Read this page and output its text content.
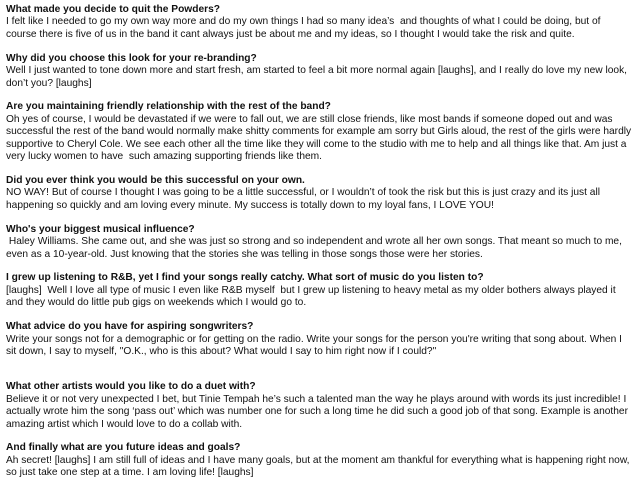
What made you decide to quit the Powders?
I felt like I needed to go my own way more and do my own things I had so many idea’s  and thoughts of what I could be doing, but of course there is five of us in the band it cant always just be about me and my ideas, so I thought I would take the risk and quite.
Why did you choose this look for your re-branding?
Well I just wanted to tone down more and start fresh, am started to feel a bit more normal again [laughs], and I really do love my new look, don’t you? [laughs]
Are you maintaining friendly relationship with the rest of the band?
Oh yes of course, I would be devastated if we were to fall out, we are still close friends, like most bands if someone doped out and was successful the rest of the band would normally make shitty comments for example am sorry but Girls aloud, the rest of the girls were hardly supportive to Cheryl Cole. We see each other all the time like they will come to the studio with me to help and all things like that. Am just a very lucky women to have  such amazing supporting friends like them.
Did you ever think you would be this successful on your own.
NO WAY! But of course I thought I was going to be a little successful, or I wouldn’t of took the risk but this is just crazy and its just all happening so quickly and am loving every minute. My success is totally down to my loyal fans, I LOVE YOU!
Who's your biggest musical influence?
Haley Williams. She came out, and she was just so strong and so independent and wrote all her own songs. That meant so much to me, even as a 10-year-old. Just knowing that the stories she was telling in those songs those were her stories.
I grew up listening to R&B, yet I find your songs really catchy. What sort of music do you listen to?
[laughs]  Well I love all type of music I even like R&B myself  but I grew up listening to heavy metal as my older bothers always played it  and they would do little pub gigs on weekends which I would go to.
What advice do you have for aspiring songwriters?
Write your songs not for a demographic or for getting on the radio. Write your songs for the person you're writing that song about. When I sit down, I say to myself, "O.K., who is this about? What would I say to him right now if I could?"
What other artists would you like to do a duet with?
Believe it or not very unexpected I bet, but Tinie Tempah he’s such a talented man the way he plays around with words its just incredible! I actually wrote him the song ‘pass out’ which was number one for such a long time he did such a good job of that song. Example is another amazing artist which I would love to do a collab with.
And finally what are you future ideas and goals?
Ah secret! [laughs] I am still full of ideas and I have many goals, but at the moment am thankful for everything what is happening right now, so just take one step at a time. I am loving life! [laughs]
